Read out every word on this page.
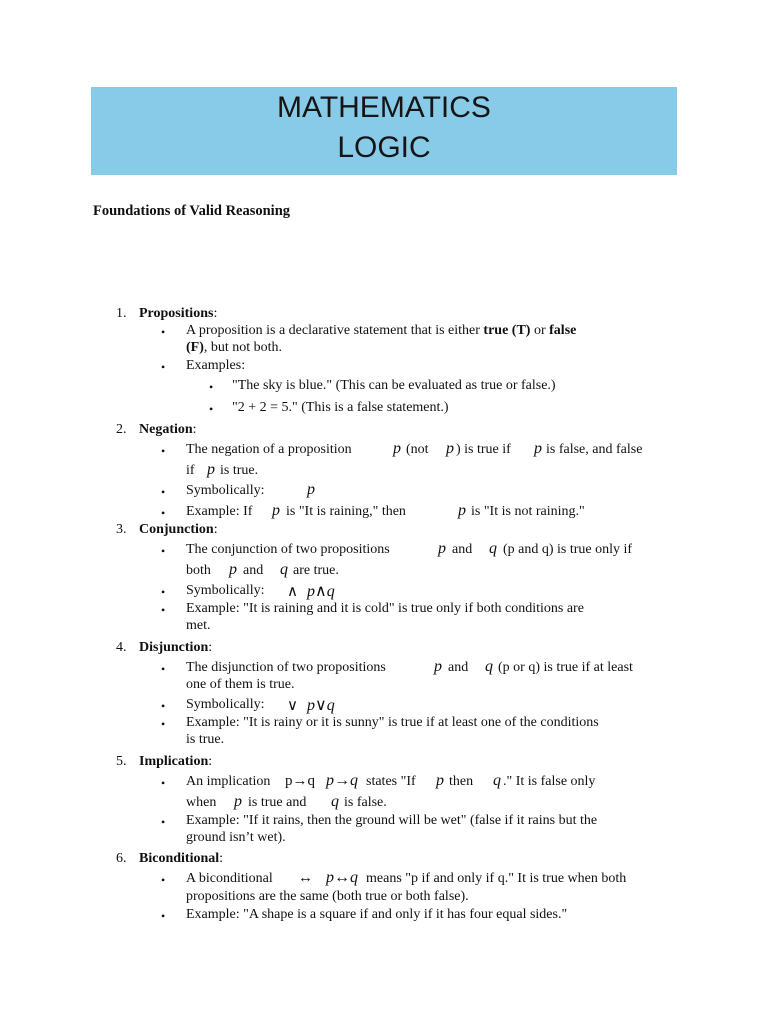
MATHEMATICS
LOGIC
Foundations of Valid Reasoning
1. Propositions:
• A proposition is a declarative statement that is either true (T) or false
(F), but not both.
• Examples:
• "The sky is blue." (This can be evaluated as true or false.)
• "2 + 2 = 5." (This is a false statement.)
2. Negation:
• The negation of a proposition	p (not p ) is true if p is false, and false
if p is true.
• Symbolically:	p
• Example: If p is "It is raining," then	p is "It is not raining."
3. Conjunction:
• The conjunction of two propositions	p and q (p and q) is true only if
both p and q are true.
• Symbolically: ∧ p∧q
• Example: "It is raining and it is cold" is true only if both conditions are
met.
4. Disjunction:
• The disjunction of two propositions	p and q (p or q) is true if at least
one of them is true.
• Symbolically: ∨ p∨q
• Example: "It is rainy or it is sunny" is true if at least one of the conditions
is true.
5. Implication:
• An implication p→q p→q states "If p then q ." It is false only
when p is true and q is false.
• Example: "If it rains, then the ground will be wet" (false if it rains but the
ground isn’t wet).
6. Biconditional:
• A biconditional ↔ p↔q means "p if and only if q." It is true when both
propositions are the same (both true or both false).
• Example: "A shape is a square if and only if it has four equal sides."
